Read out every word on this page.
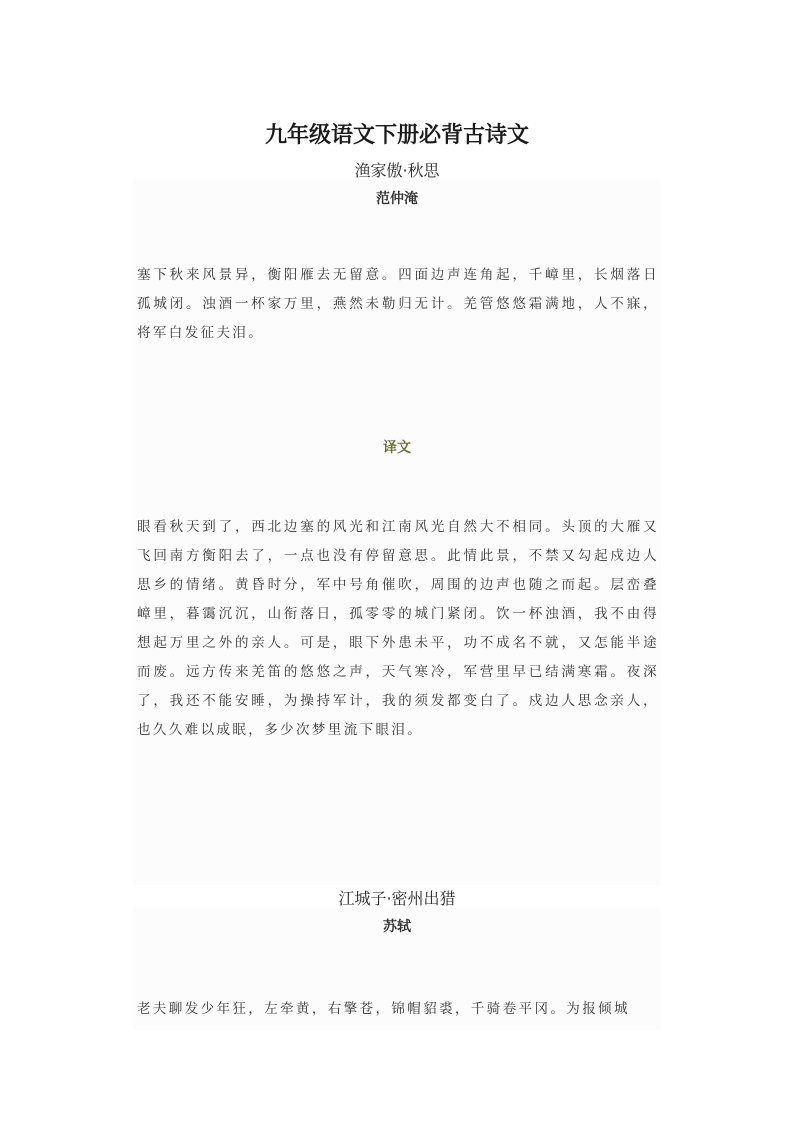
九年级语文下册必背古诗文
渔家傲·秋思
范仲淹
塞下秋来风景异，衡阳雁去无留意。四面边声连角起，千嶂里，长烟落日孤城闭。浊酒一杯家万里，燕然未勒归无计。羌管悠悠霜满地，人不寐，将军白发征夫泪。
译文
眼看秋天到了，西北边塞的风光和江南风光自然大不相同。头顶的大雁又飞回南方衡阳去了，一点也没有停留意思。此情此景，不禁又勾起戍边人思乡的情绪。黄昏时分，军中号角催吹，周围的边声也随之而起。层峦叠嶂里，暮霭沉沉，山衔落日，孤零零的城门紧闭。饮一杯浊酒，我不由得想起万里之外的亲人。可是，眼下外患未平，功不成名不就，又怎能半途而废。远方传来羌笛的悠悠之声，天气寒冷，军营里早已结满寒霜。夜深了，我还不能安睡，为操持军计，我的须发都变白了。戍边人思念亲人，也久久难以成眠，多少次梦里流下眼泪。
江城子·密州出猎
苏轼
老夫聊发少年狂，左牵黄，右擎苍，锦帽貂裘，千骑卷平冈。为报倾城
